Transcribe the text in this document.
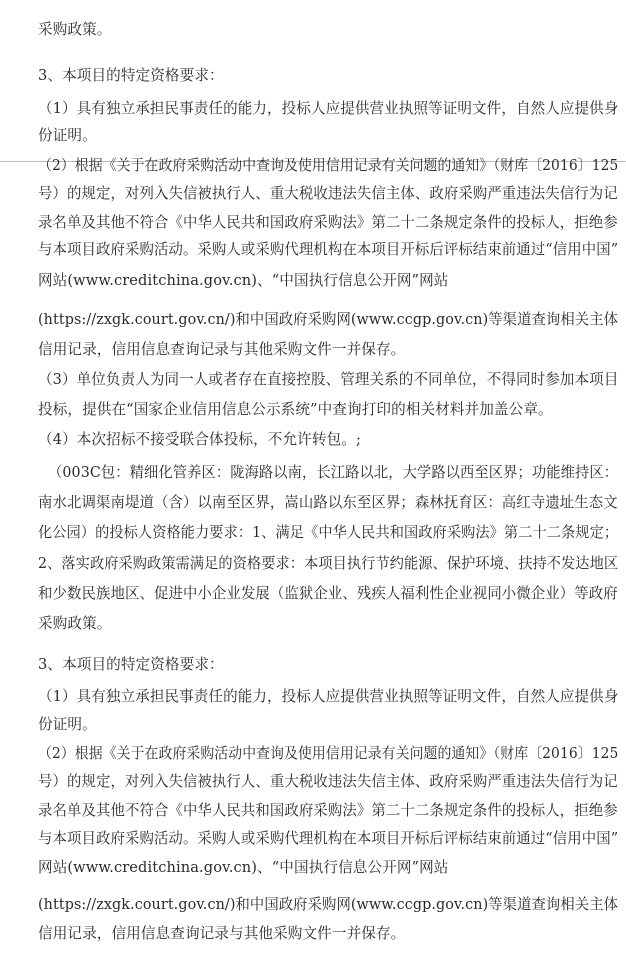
采购政策。
3、本项目的特定资格要求：
（1）具有独立承担民事责任的能力，投标人应提供营业执照等证明文件，自然人应提供身
份证明。
（2）根据《关于在政府采购活动中查询及使用信用记录有关问题的通知》（财库〔2016〕125
号）的规定，对列入失信被执行人、重大税收违法失信主体、政府采购严重违法失信行为记
录名单及其他不符合《中华人民共和国政府采购法》第二十二条规定条件的投标人，拒绝参
与本项目政府采购活动。采购人或采购代理机构在本项目开标后评标结束前通过“信用中国”
网站(www.creditchina.gov.cn)、“中国执行信息公开网”网站
(https://zxgk.court.gov.cn/)和中国政府采购网(www.ccgp.gov.cn)等渠道查询相关主体
信用记录，信用信息查询记录与其他采购文件一并保存。
（3）单位负责人为同一人或者存在直接控股、管理关系的不同单位，不得同时参加本项目
投标，提供在“国家企业信用信息公示系统”中查询打印的相关材料并加盖公章。
（4）本次招标不接受联合体投标，不允许转包。;
（003C包：精细化管养区：陇海路以南，长江路以北，大学路以西至区界；功能维持区：
南水北调渠南堤道（含）以南至区界，嵩山路以东至区界；森林抚育区：高红寺遗址生态文
化公园）的投标人资格能力要求：1、满足《中华人民共和国政府采购法》第二十二条规定；
2、落实政府采购政策需满足的资格要求：本项目执行节约能源、保护环境、扶持不发达地区
和少数民族地区、促进中小企业发展（监狱企业、残疾人福利性企业视同小微企业）等政府
采购政策。
3、本项目的特定资格要求：
（1）具有独立承担民事责任的能力，投标人应提供营业执照等证明文件，自然人应提供身
份证明。
（2）根据《关于在政府采购活动中查询及使用信用记录有关问题的通知》（财库〔2016〕125
号）的规定，对列入失信被执行人、重大税收违法失信主体、政府采购严重违法失信行为记
录名单及其他不符合《中华人民共和国政府采购法》第二十二条规定条件的投标人，拒绝参
与本项目政府采购活动。采购人或采购代理机构在本项目开标后评标结束前通过“信用中国”
网站(www.creditchina.gov.cn)、“中国执行信息公开网”网站
(https://zxgk.court.gov.cn/)和中国政府采购网(www.ccgp.gov.cn)等渠道查询相关主体
信用记录，信用信息查询记录与其他采购文件一并保存。
